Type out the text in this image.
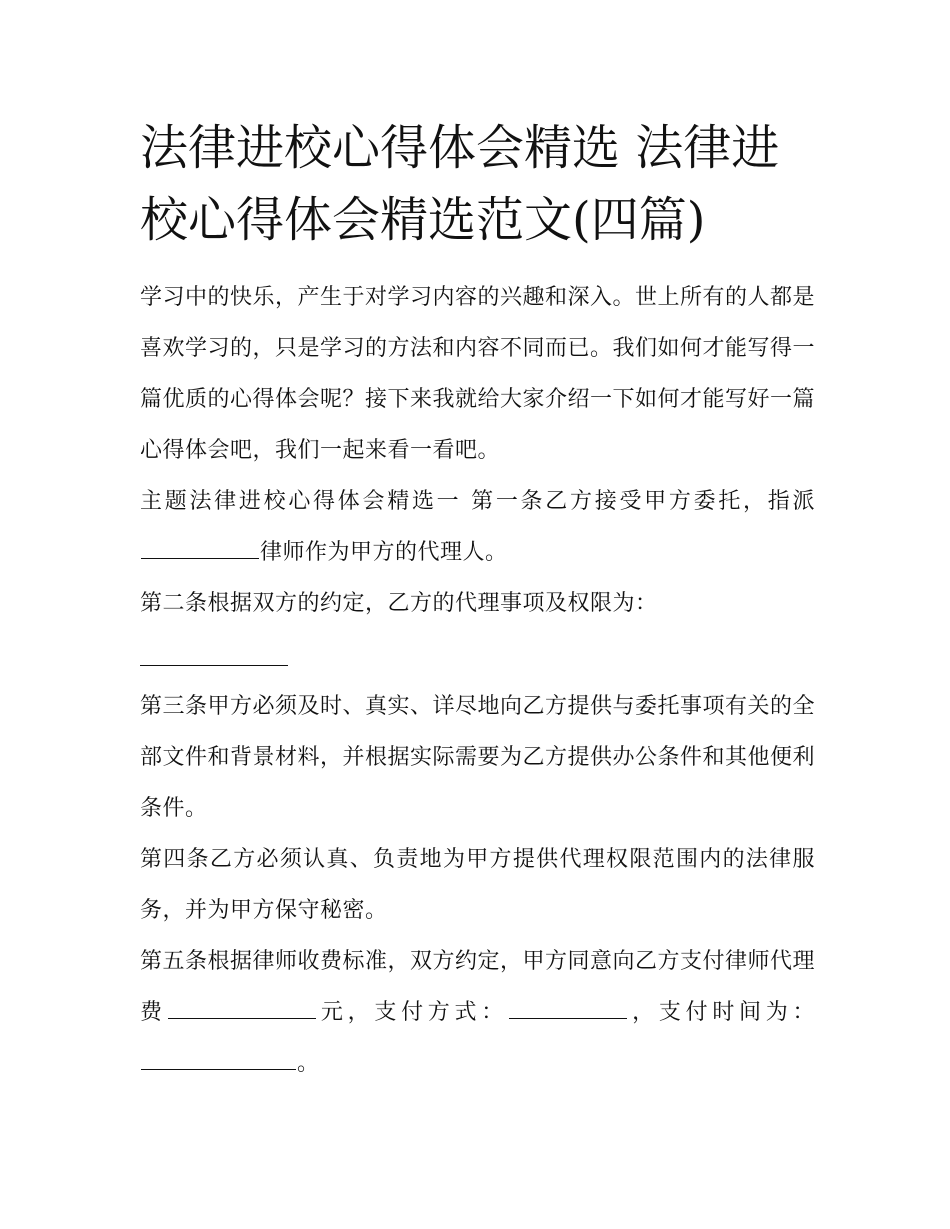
法律进校心得体会精选 法律进校心得体会精选范文(四篇)

学习中的快乐，产生于对学习内容的兴趣和深入。世上所有的人都是喜欢学习的，只是学习的方法和内容不同而已。我们如何才能写得一篇优质的心得体会呢？接下来我就给大家介绍一下如何才能写好一篇心得体会吧，我们一起来看一看吧。

主题法律进校心得体会精选一 第一条乙方接受甲方委托，指派律师作为甲方的代理人。

第二条根据双方的约定，乙方的代理事项及权限为：

第三条甲方必须及时、真实、详尽地向乙方提供与委托事项有关的全部文件和背景材料，并根据实际需要为乙方提供办公条件和其他便利条件。

第四条乙方必须认真、负责地为甲方提供代理权限范围内的法律服务，并为甲方保守秘密。

第五条根据律师收费标准，双方约定，甲方同意向乙方支付律师代理费	元，支付方式：	，支付时间为：。
